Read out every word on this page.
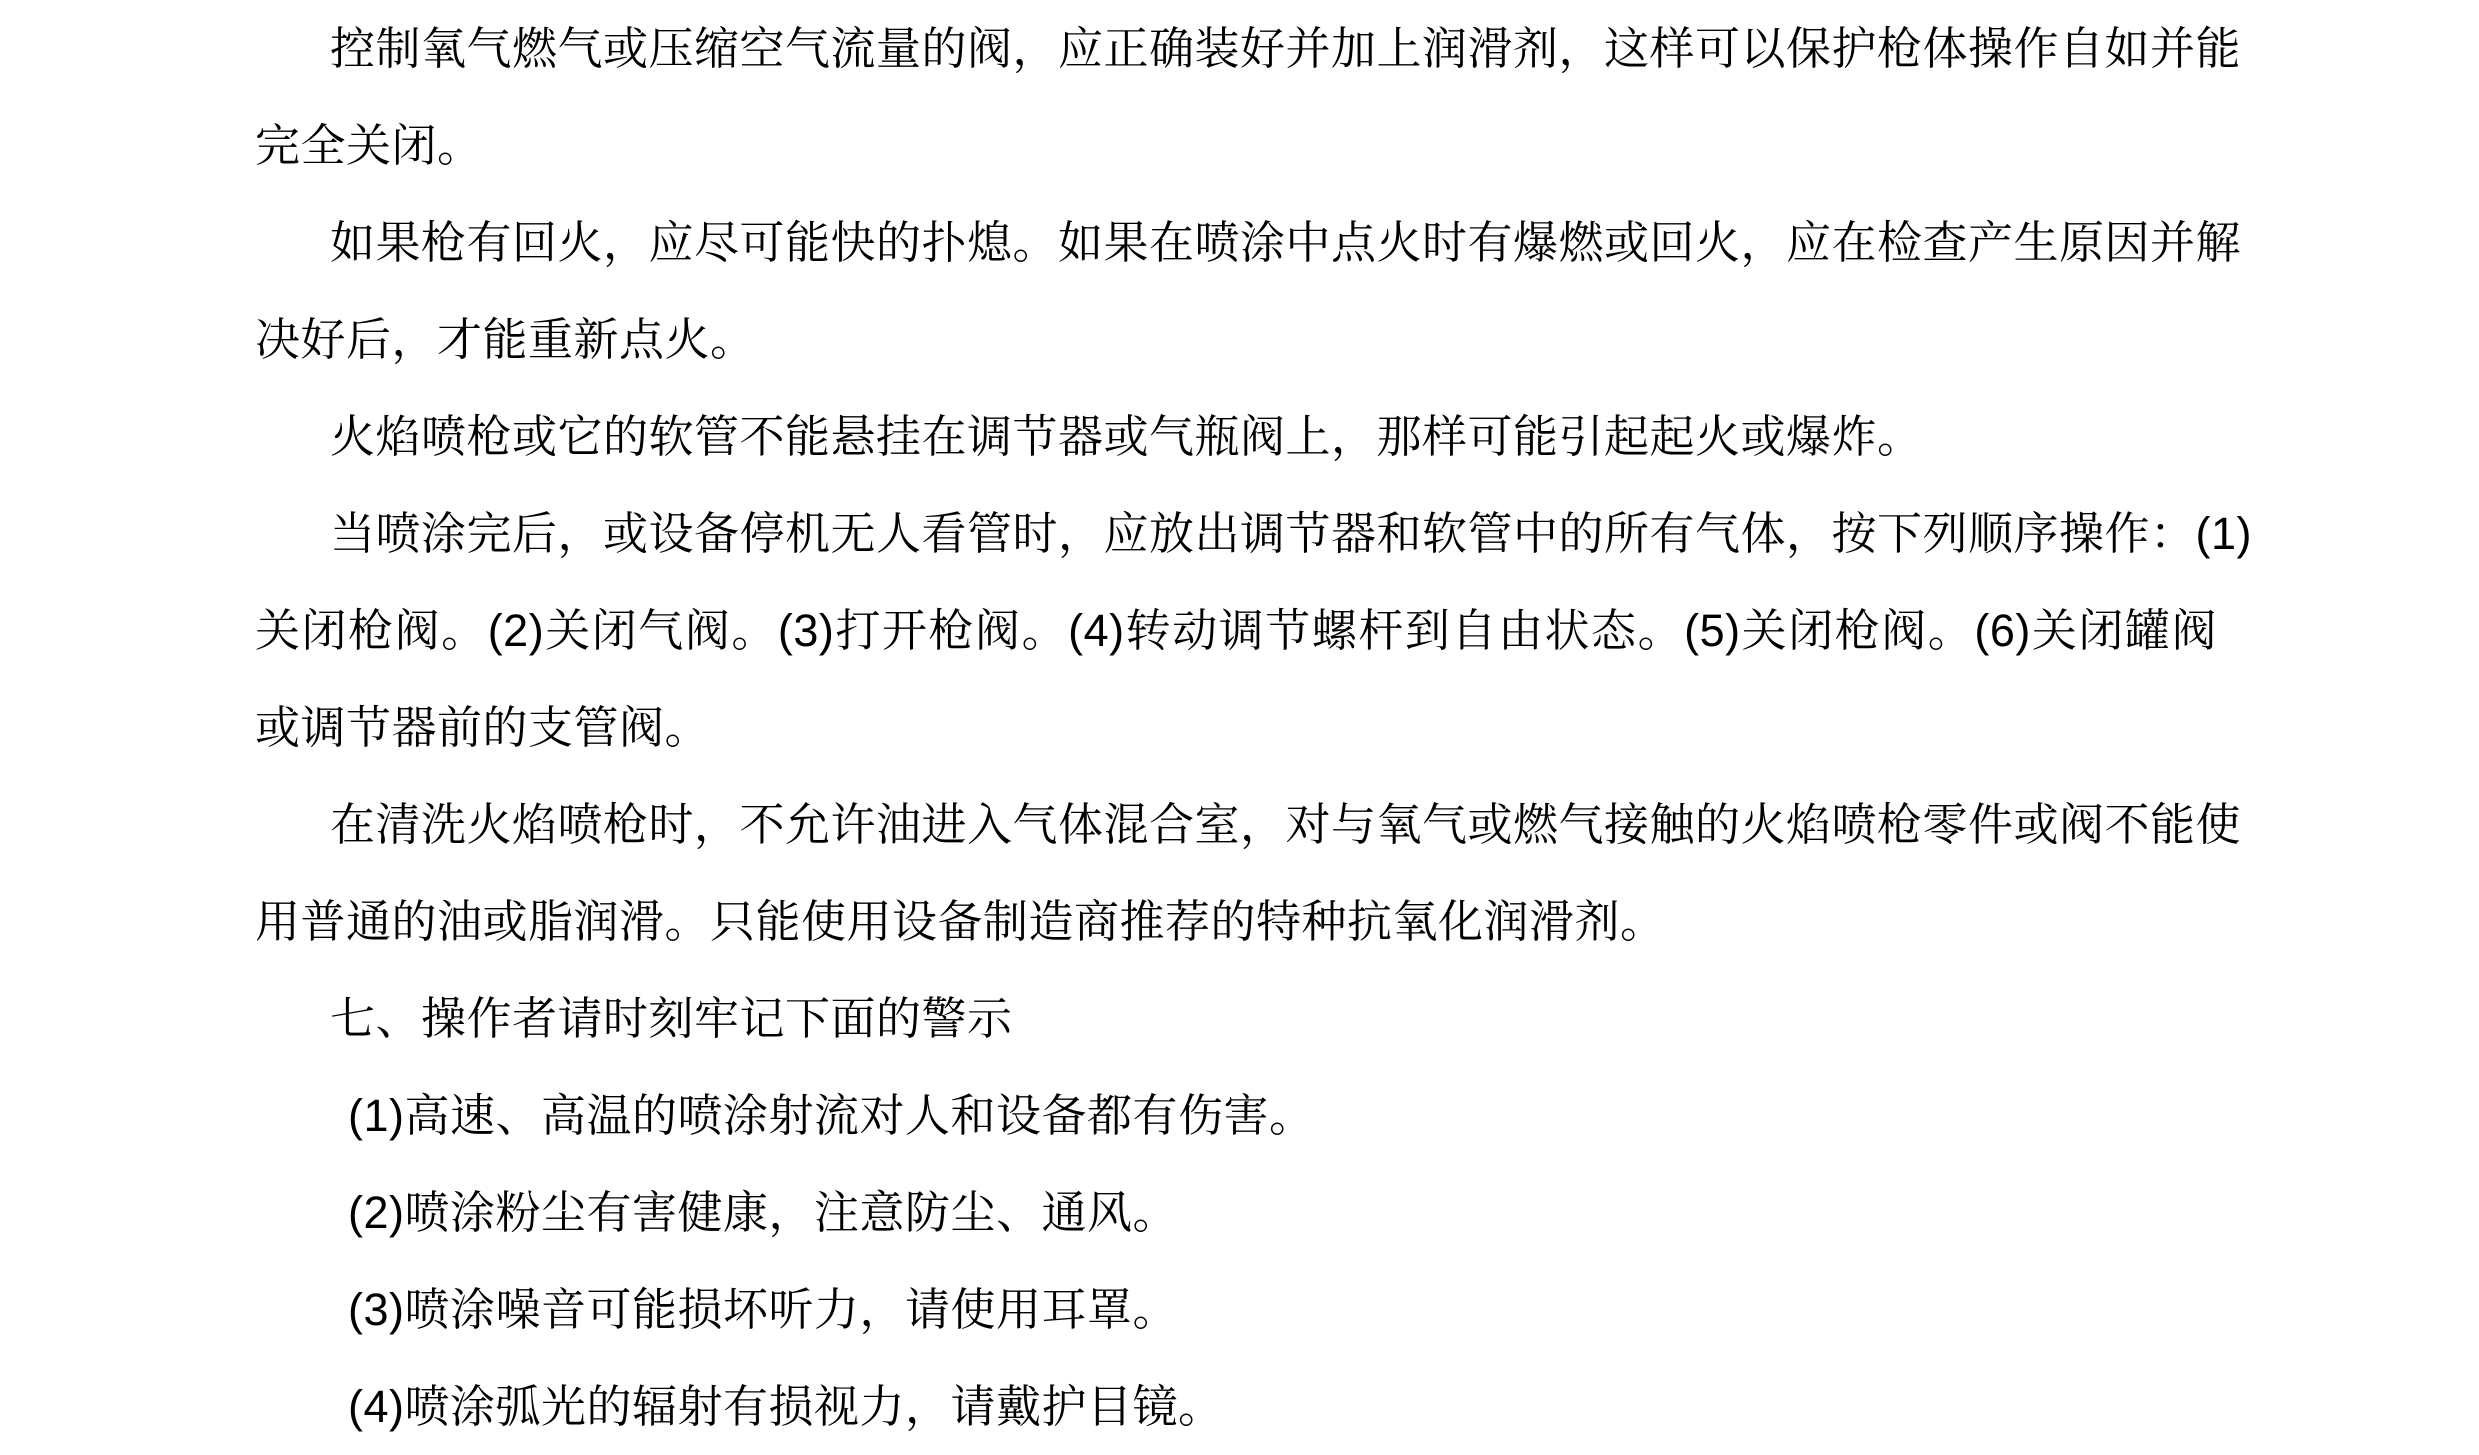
控制氧气燃气或压缩空气流量的阀，应正确装好并加上润滑剂，这样可以保护枪体操作自如并能
完全关闭。
如果枪有回火，应尽可能快的扑熄。如果在喷涂中点火时有爆燃或回火，应在检查产生原因并解
决好后，才能重新点火。
火焰喷枪或它的软管不能悬挂在调节器或气瓶阀上，那样可能引起起火或爆炸。
当喷涂完后，或设备停机无人看管时，应放出调节器和软管中的所有气体，按下列顺序操作：(1)
关闭枪阀。(2)关闭气阀。(3)打开枪阀。(4)转动调节螺杆到自由状态。(5)关闭枪阀。(6)关闭罐阀
或调节器前的支管阀。
在清洗火焰喷枪时，不允许油进入气体混合室，对与氧气或燃气接触的火焰喷枪零件或阀不能使
用普通的油或脂润滑。只能使用设备制造商推荐的特种抗氧化润滑剂。
七、操作者请时刻牢记下面的警示
(1)高速、高温的喷涂射流对人和设备都有伤害。
(2)喷涂粉尘有害健康，注意防尘、通风。
(3)喷涂噪音可能损坏听力，请使用耳罩。
(4)喷涂弧光的辐射有损视力，请戴护目镜。
